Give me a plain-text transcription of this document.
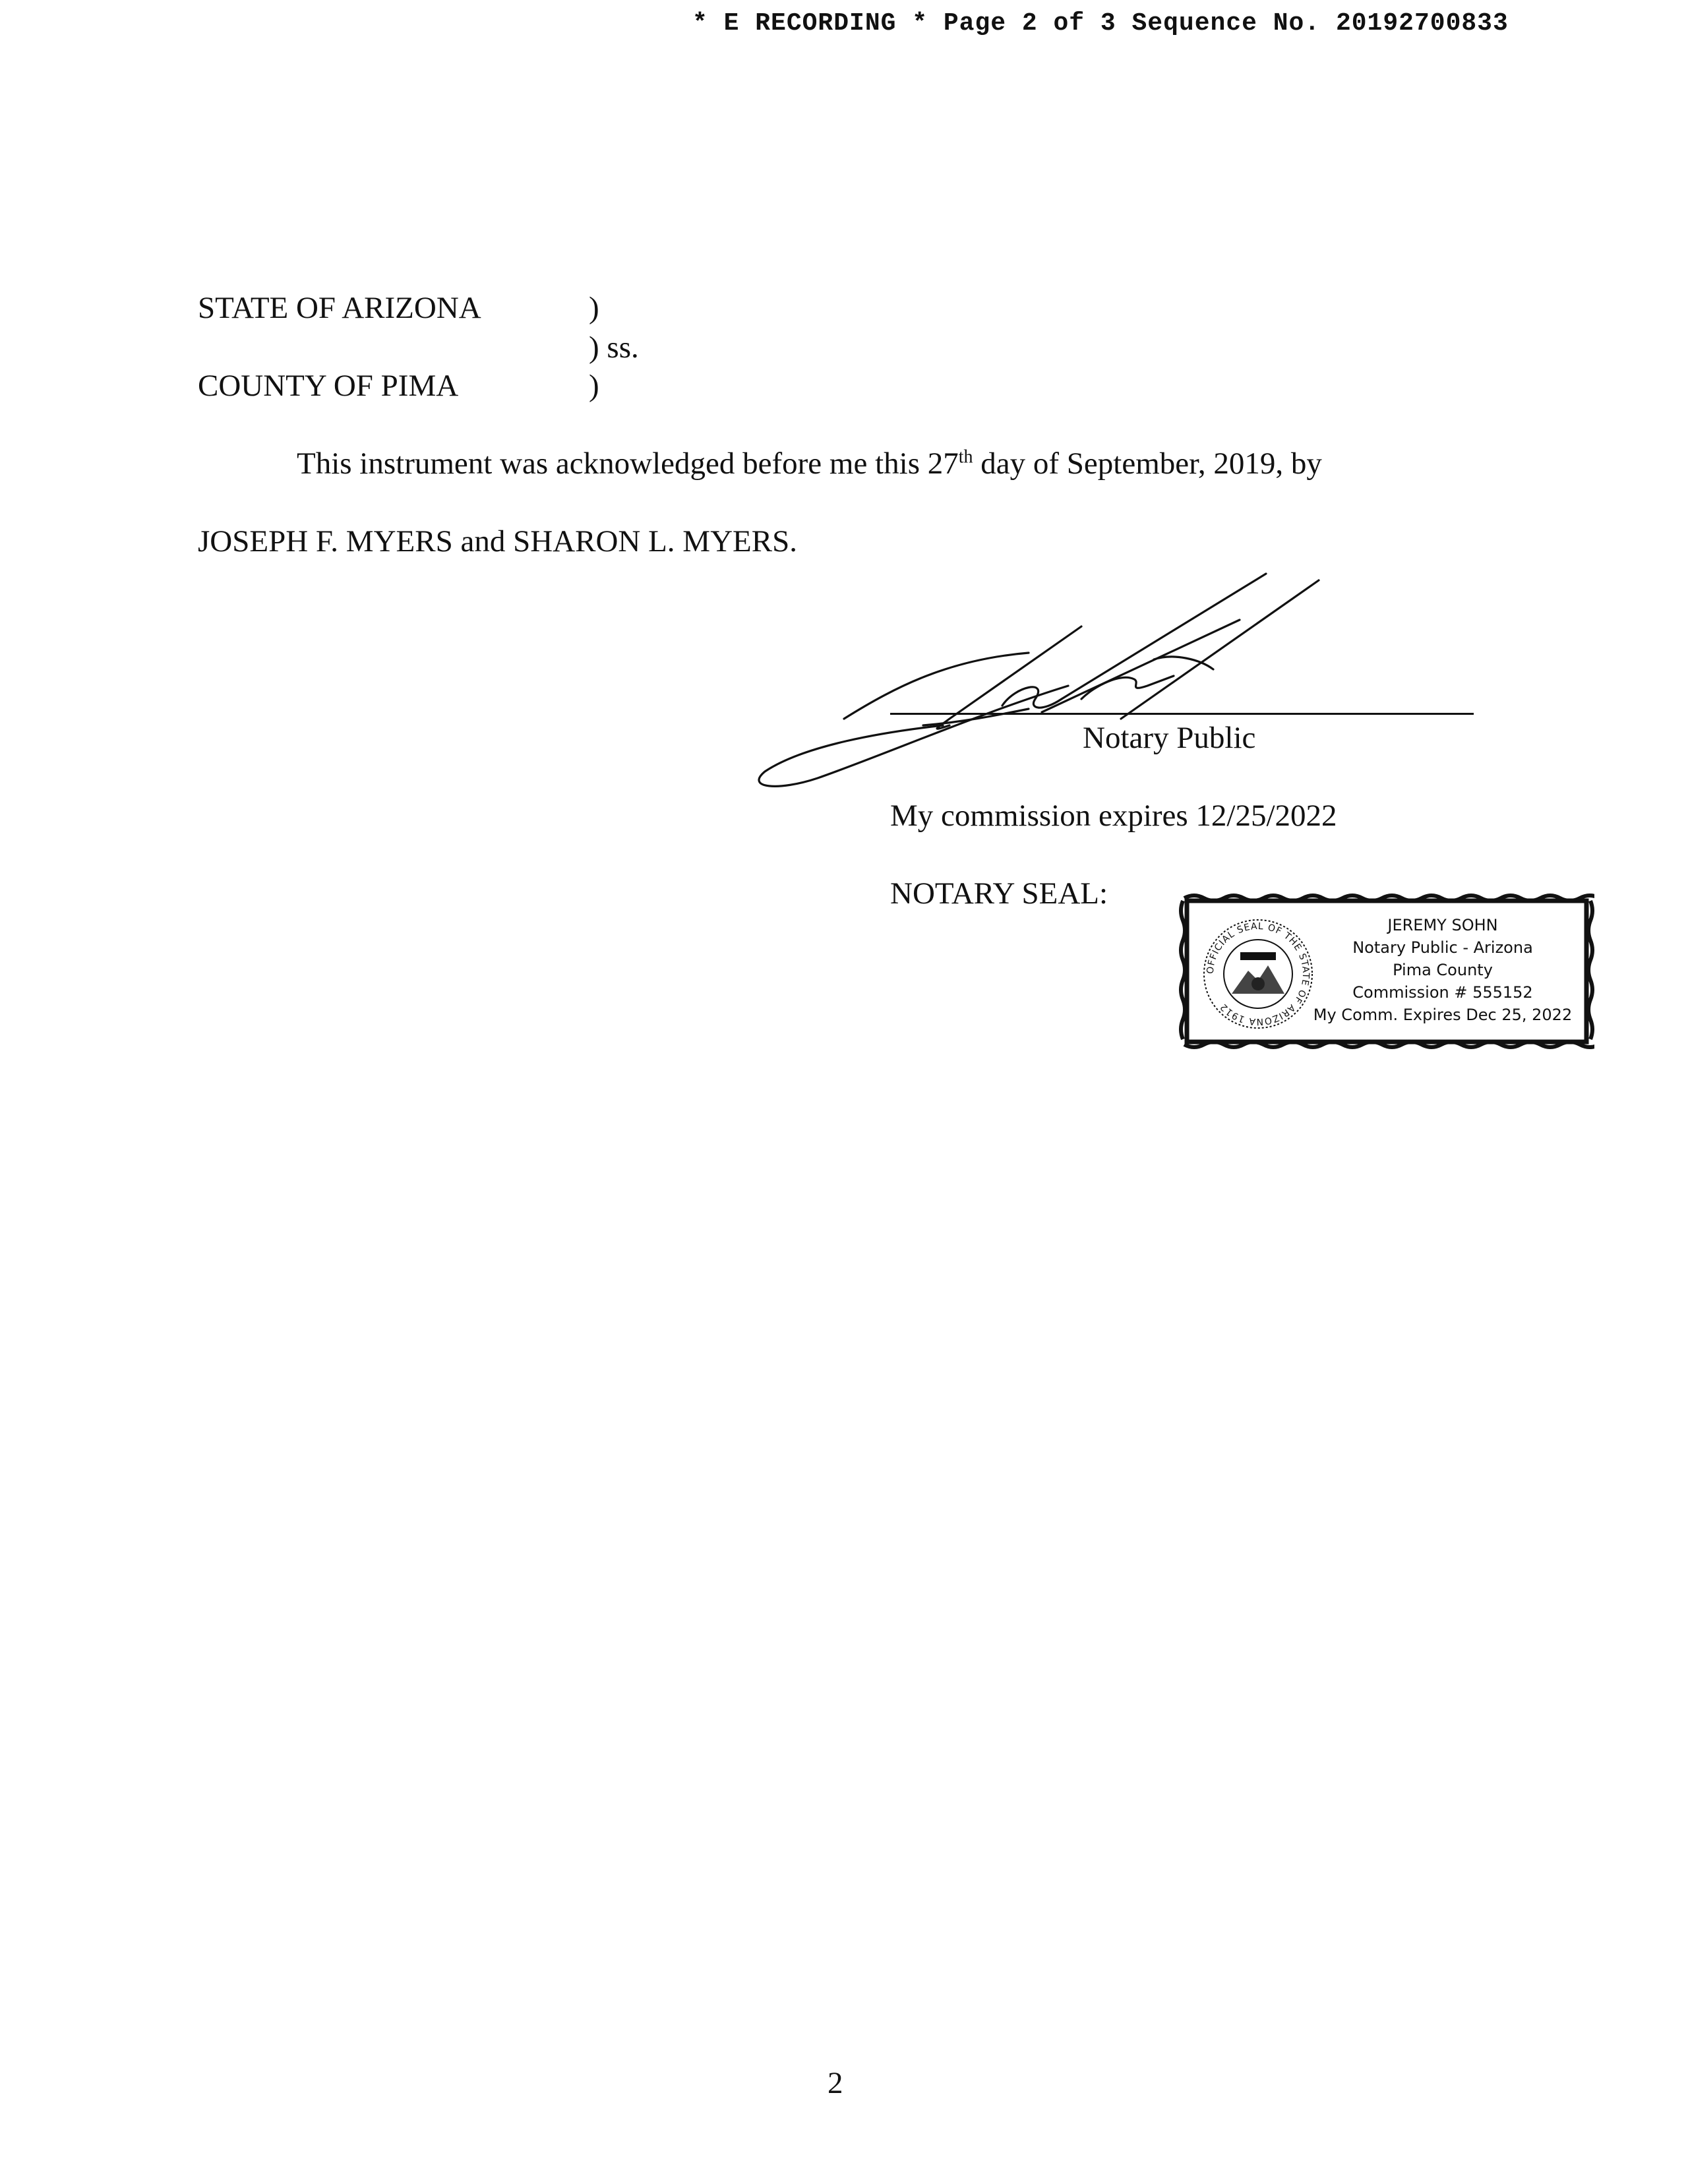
* E RECORDING * Page 2 of 3 Sequence No. 20192700833
STATE OF ARIZONA	)
) ss.
COUNTY OF PIMA	)
This instrument was acknowledged before me this 27th day of September, 2019, by
JOSEPH F. MYERS and SHARON L. MYERS.
Notary Public
My commission expires 12/25/2022
NOTARY SEAL:
OFFICIAL SEAL OF THE STATE OF ARIZONA 1912
JEREMY SOHN
Notary Public - Arizona
Pima County
Commission # 555152
My Comm. Expires Dec 25, 2022
2
